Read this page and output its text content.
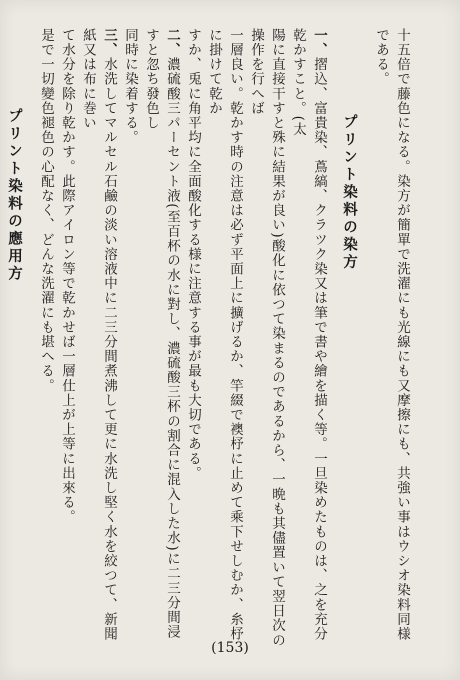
十五倍で藤色になる。染方が簡單で洗濯にも光線にも又摩擦にも、共強い事はウシオ染料同様である。
プリント染料の染方
一、摺込、富貴染、蔦縞、クラツク染又は筆で書や繪を描く等。一旦染めたものは、之を充分乾かすこと。(太
陽に直接干すと殊に結果が良い)酸化に依つて染まるのであるから、一晩も其儘置いて翌日次の操作を行へば
一層良い。乾かす時の注意は必ず平面上に擴げるか、竿綴で襖杼に止めて乘下せしむか、糸杼に掛けて乾か
すか、兎に角平均に全面酸化する様に注意する事が最も大切である。
二、濃硫酸三パーセント液(至百杯の水に對し、濃硫酸三杯の割合に混入した水)に二三分間浸すと忽ち發色し
同時に染着する。
三、水洗してマルセル石鹼の淡い溶液中に二三分間煮沸して更に水洗し堅く水を絞つて、新聞紙又は布に巻い
て水分を除り乾かす。此際アイロン等で乾かせば一層仕上が上等に出來る。
是で一切變色褪色の心配なく、どんな洗濯にも堪へる。
プリント染料の應用方
(153)
